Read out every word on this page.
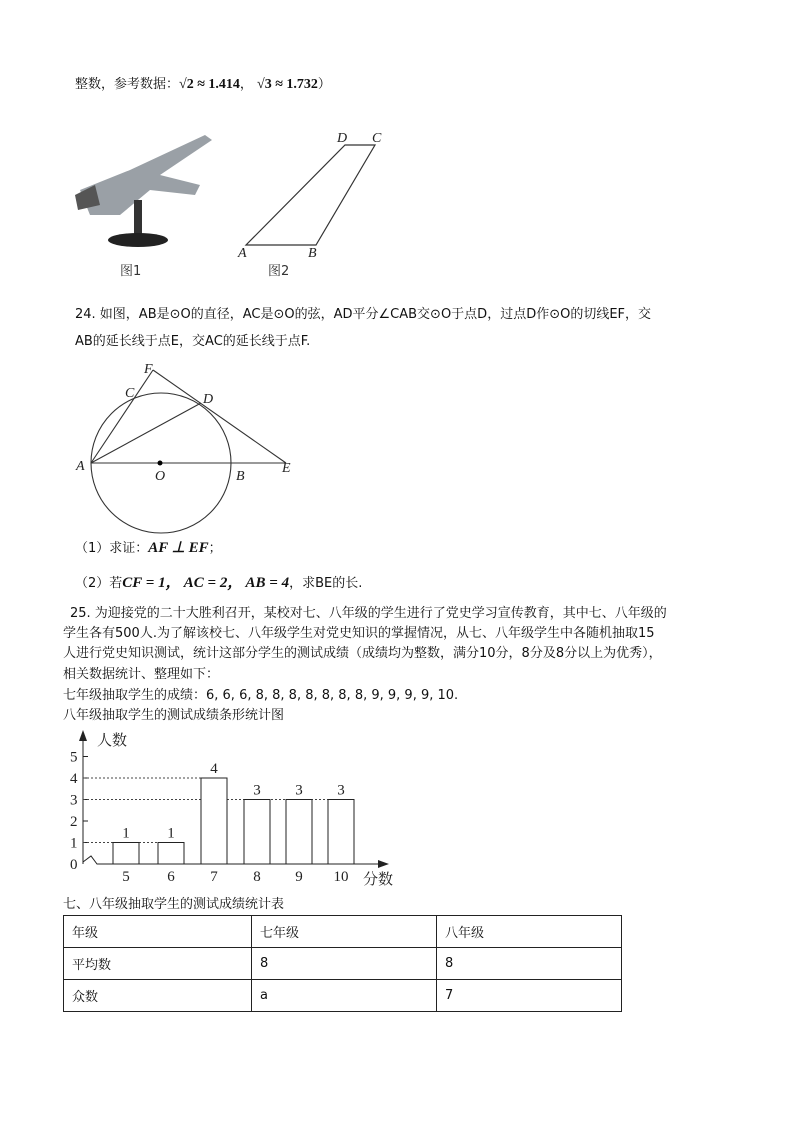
整数，参考数据：√2 ≈ 1.414， √3 ≈ 1.732）
图1
A	B
C
D
图2
A
B
C	D
E
F
O
人数
分数
0
1
2
3
4
5
1
5
1
6
4
7
3
8
3
9
3
10
24. 如图，AB是⊙O的直径，AC是⊙O的弦，AD平分∠CAB交⊙O于点D，过点D作⊙O的切线EF，交
AB的延长线于点E，交AC的延长线于点F.
（1）求证：AF ⊥ EF；
（2）若CF = 1， AC = 2， AB = 4，求BE的长.
25. 为迎接党的二十大胜利召开，某校对七、八年级的学生进行了党史学习宣传教育，其中七、八年级的
学生各有500人.为了解该校七、八年级学生对党史知识的掌握情况，从七、八年级学生中各随机抽取15
人进行党史知识测试，统计这部分学生的测试成绩（成绩均为整数，满分10分，8分及8分以上为优秀），
相关数据统计、整理如下：
七年级抽取学生的成绩：6, 6, 6, 8, 8, 8, 8, 8, 8, 8, 9, 9, 9, 9, 10.
八年级抽取学生的测试成绩条形统计图
七、八年级抽取学生的测试成绩统计表
年级	七年级	八年级
平均数	8	8
众数	a	7
